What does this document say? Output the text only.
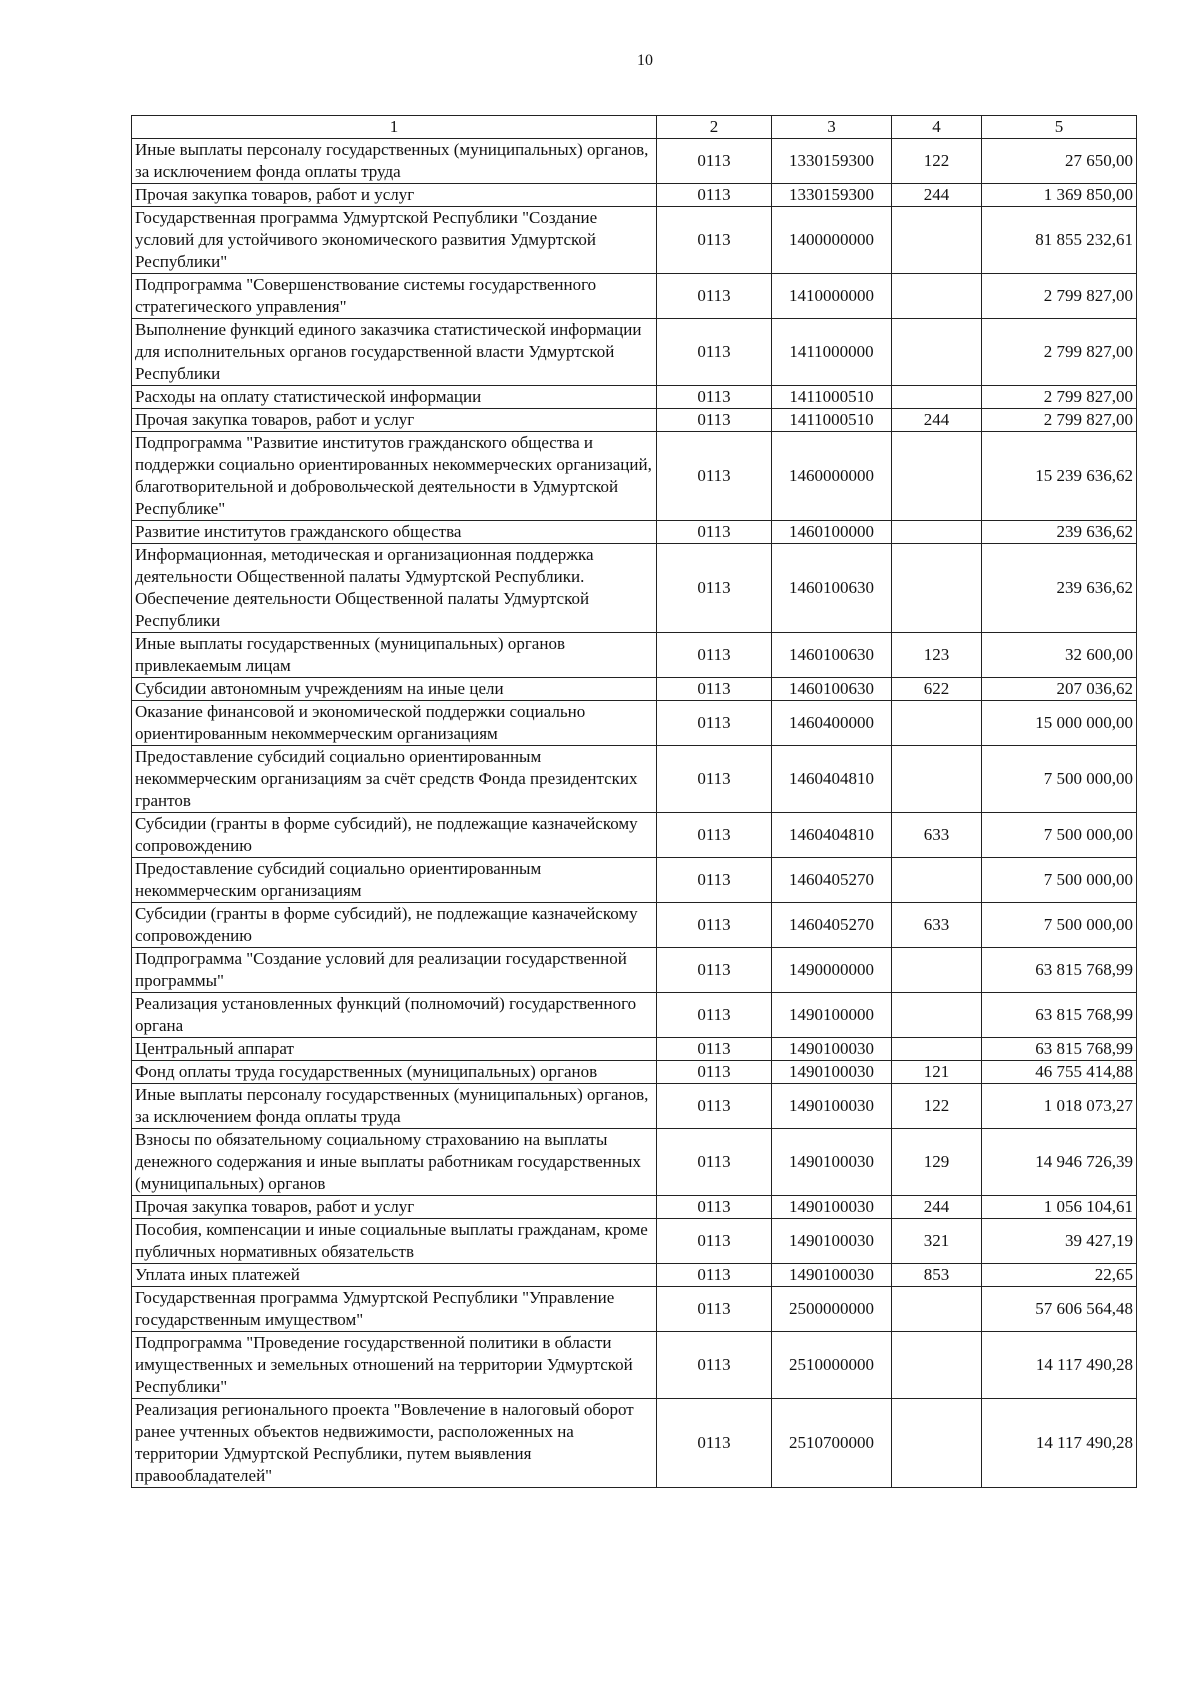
10
1	2	3	4	5
Иные выплаты персоналу государственных (муниципальных) органов, за исключением фонда оплаты труда	0113	1330159300	122	27 650,00
Прочая закупка товаров, работ и услуг	0113	1330159300	244	1 369 850,00
Государственная программа Удмуртской Республики "Создание условий для устойчивого экономического развития Удмуртской Республики"	0113	1400000000		81 855 232,61
Подпрограмма "Совершенствование системы государственного стратегического управления"	0113	1410000000		2 799 827,00
Выполнение функций единого заказчика статистической информации для исполнительных органов государственной власти Удмуртской Республики	0113	1411000000		2 799 827,00
Расходы на оплату статистической информации	0113	1411000510		2 799 827,00
Прочая закупка товаров, работ и услуг	0113	1411000510	244	2 799 827,00
Подпрограмма "Развитие институтов гражданского общества и поддержки социально ориентированных некоммерческих организаций, благотворительной и добровольческой деятельности в Удмуртской Республике"	0113	1460000000		15 239 636,62
Развитие институтов гражданского общества	0113	1460100000		239 636,62
Информационная, методическая и организационная поддержка деятельности Общественной палаты Удмуртской Республики. Обеспечение деятельности Общественной палаты Удмуртской Республики	0113	1460100630		239 636,62
Иные выплаты государственных (муниципальных) органов привлекаемым лицам	0113	1460100630	123	32 600,00
Субсидии автономным учреждениям на иные цели	0113	1460100630	622	207 036,62
Оказание финансовой и экономической поддержки социально ориентированным некоммерческим организациям	0113	1460400000		15 000 000,00
Предоставление субсидий социально ориентированным некоммерческим организациям за счёт средств Фонда президентских грантов	0113	1460404810		7 500 000,00
Субсидии (гранты в форме субсидий), не подлежащие казначейскому сопровождению	0113	1460404810	633	7 500 000,00
Предоставление субсидий социально ориентированным некоммерческим организациям	0113	1460405270		7 500 000,00
Субсидии (гранты в форме субсидий), не подлежащие казначейскому сопровождению	0113	1460405270	633	7 500 000,00
Подпрограмма "Создание условий для реализации государственной программы"	0113	1490000000		63 815 768,99
Реализация установленных функций (полномочий) государственного органа	0113	1490100000		63 815 768,99
Центральный аппарат	0113	1490100030		63 815 768,99
Фонд оплаты труда государственных (муниципальных) органов	0113	1490100030	121	46 755 414,88
Иные выплаты персоналу государственных (муниципальных) органов, за исключением фонда оплаты труда	0113	1490100030	122	1 018 073,27
Взносы по обязательному социальному страхованию на выплаты денежного содержания и иные выплаты работникам государственных (муниципальных) органов	0113	1490100030	129	14 946 726,39
Прочая закупка товаров, работ и услуг	0113	1490100030	244	1 056 104,61
Пособия, компенсации и иные социальные выплаты гражданам, кроме публичных нормативных обязательств	0113	1490100030	321	39 427,19
Уплата иных платежей	0113	1490100030	853	22,65
Государственная программа Удмуртской Республики "Управление государственным имуществом"	0113	2500000000		57 606 564,48
Подпрограмма "Проведение государственной политики в области имущественных и земельных отношений на территории Удмуртской Республики"	0113	2510000000		14 117 490,28
Реализация регионального проекта "Вовлечение в налоговый оборот ранее учтенных объектов недвижимости, расположенных на территории Удмуртской Республики, путем выявления правообладателей"	0113	2510700000		14 117 490,28
